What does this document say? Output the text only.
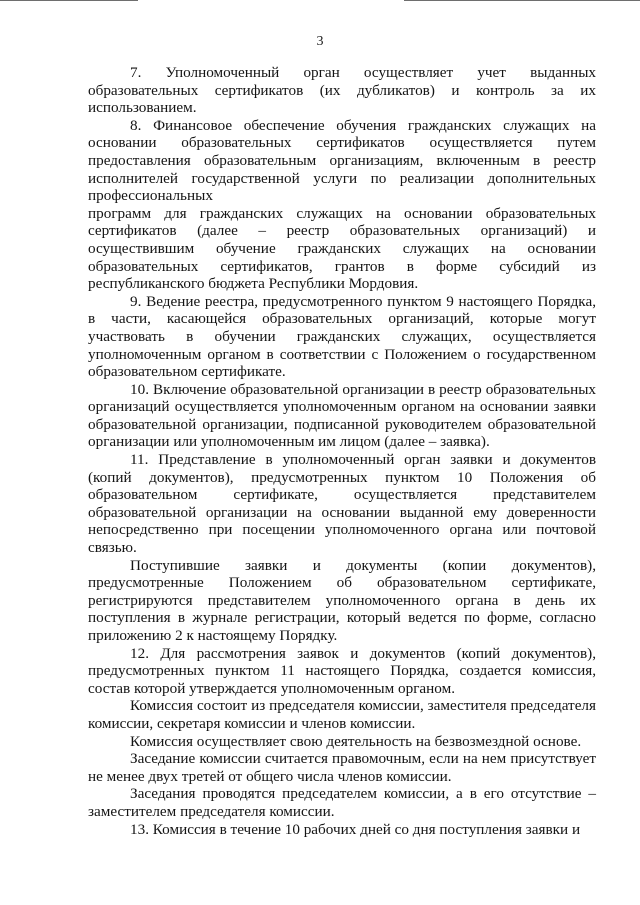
3

7. Уполномоченный орган осуществляет учет выданных образовательных сертификатов (их дубликатов) и контроль за их использованием.

8. Финансовое обеспечение обучения гражданских служащих на основании образовательных сертификатов осуществляется путем предоставления образовательным организациям, включенным в реестр исполнителей государственной услуги по реализации дополнительных профессиональных

программ для гражданских служащих на основании образовательных сертификатов (далее – реестр образовательных организаций) и осуществившим обучение гражданских служащих на основании образовательных сертификатов, грантов в форме субсидий из республиканского бюджета Республики Мордовия.

9. Ведение реестра, предусмотренного пунктом 9 настоящего Порядка, в части, касающейся образовательных организаций, которые могут участвовать в обучении гражданских служащих, осуществляется уполномоченным органом в соответствии с Положением о государственном образовательном сертификате.

10. Включение образовательной организации в реестр образовательных организаций осуществляется уполномоченным органом на основании заявки образовательной организации, подписанной руководителем образовательной организации или уполномоченным им лицом (далее – заявка).

11. Представление в уполномоченный орган заявки и документов (копий документов), предусмотренных пунктом 10 Положения об образовательном сертификате, осуществляется представителем образовательной организации на основании выданной ему доверенности непосредственно при посещении уполномоченного органа или почтовой связью.

Поступившие заявки и документы (копии документов), предусмотренные Положением об образовательном сертификате, регистрируются представителем уполномоченного органа в день их поступления в журнале регистрации, который ведется по форме, согласно приложению 2 к настоящему Порядку.

12. Для рассмотрения заявок и документов (копий документов), предусмотренных пунктом 11 настоящего Порядка, создается комиссия, состав которой утверждается уполномоченным органом.

Комиссия состоит из председателя комиссии, заместителя председателя комиссии, секретаря комиссии и членов комиссии.

Комиссия осуществляет свою деятельность на безвозмездной основе.

Заседание комиссии считается правомочным, если на нем присутствует не менее двух третей от общего числа членов комиссии.

Заседания проводятся председателем комиссии, а в его отсутствие – заместителем председателя комиссии.

13. Комиссия в течение 10 рабочих дней со дня поступления заявки и
